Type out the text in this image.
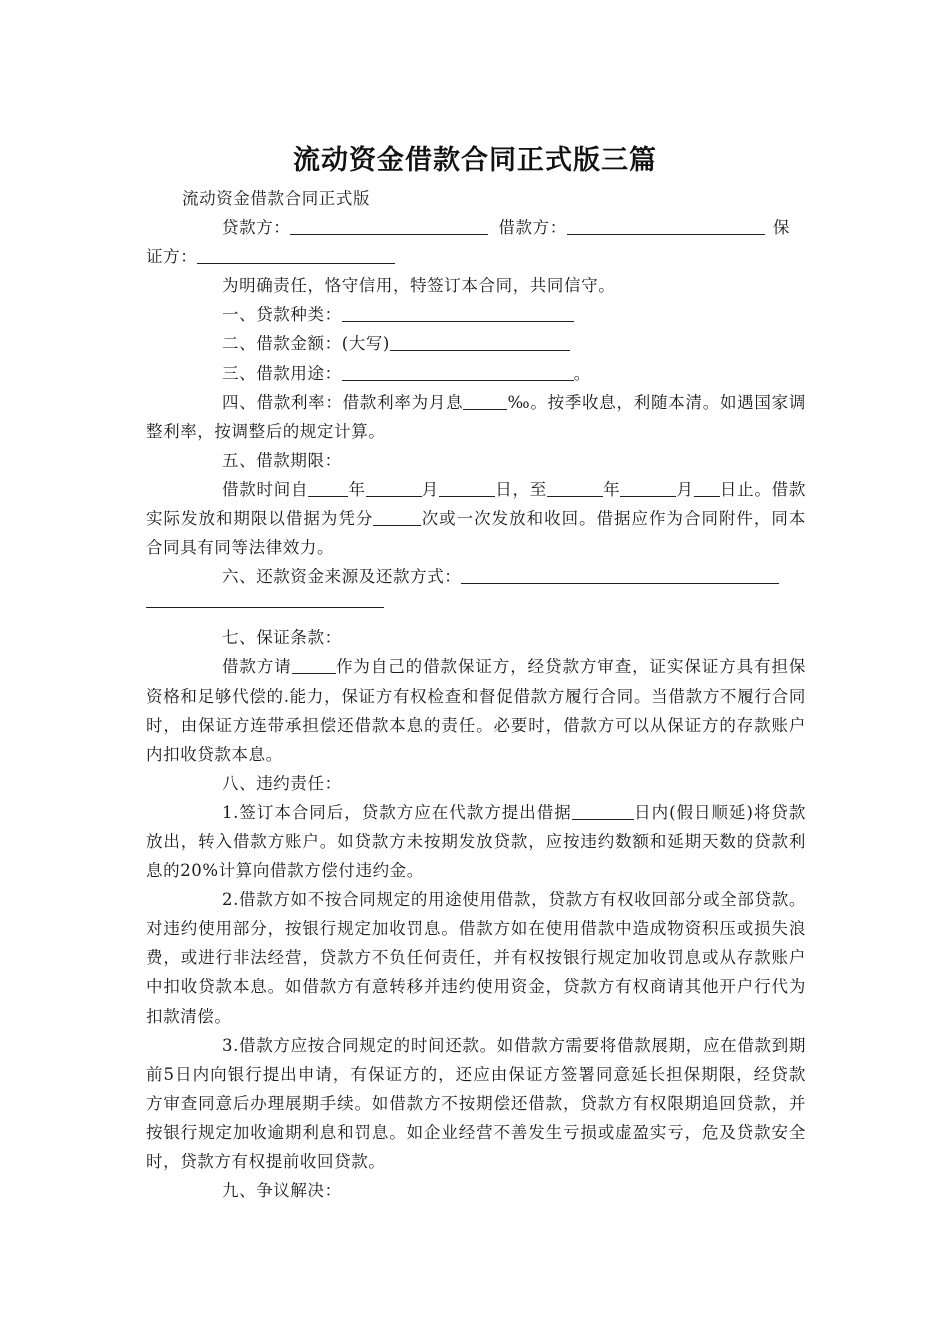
流动资金借款合同正式版三篇

流动资金借款合同正式版

贷款方：	借款方：	保

证方：

为明确责任，恪守信用，特签订本合同，共同信守。

一、贷款种类：

二、借款金额：(大写)

三、借款用途：	。

四、借款利率：借款利率为月息	‰。按季收息，利随本清。如遇国家调整利率，按调整后的规定计算。

五、借款期限：

借款时间自 年	月	日，至	年	月 日止。借款实际发放和期限以借据为凭分	次或一次发放和收回。借据应作为合同附件，同本合同具有同等法律效力。

六、还款资金来源及还款方式：

七、保证条款：

借款方请	作为自己的借款保证方，经贷款方审查，证实保证方具有担保资格和足够代偿的.能力，保证方有权检查和督促借款方履行合同。当借款方不履行合同时，由保证方连带承担偿还借款本息的责任。必要时，借款方可以从保证方的存款账户内扣收贷款本息。

八、违约责任：

1.签订本合同后，贷款方应在代款方提出借据	日内(假日顺延)将贷款放出，转入借款方账户。如贷款方未按期发放贷款，应按违约数额和延期天数的贷款利息的20%计算向借款方偿付违约金。

2.借款方如不按合同规定的用途使用借款，贷款方有权收回部分或全部贷款。对违约使用部分，按银行规定加收罚息。借款方如在使用借款中造成物资积压或损失浪费，或进行非法经营，贷款方不负任何责任，并有权按银行规定加收罚息或从存款账户中扣收贷款本息。如借款方有意转移并违约使用资金，贷款方有权商请其他开户行代为扣款清偿。

3.借款方应按合同规定的时间还款。如借款方需要将借款展期，应在借款到期前5日内向银行提出申请，有保证方的，还应由保证方签署同意延长担保期限，经贷款方审查同意后办理展期手续。如借款方不按期偿还借款，贷款方有权限期追回贷款，并按银行规定加收逾期利息和罚息。如企业经营不善发生亏损或虚盈实亏，危及贷款安全时，贷款方有权提前收回贷款。

九、争议解决：
